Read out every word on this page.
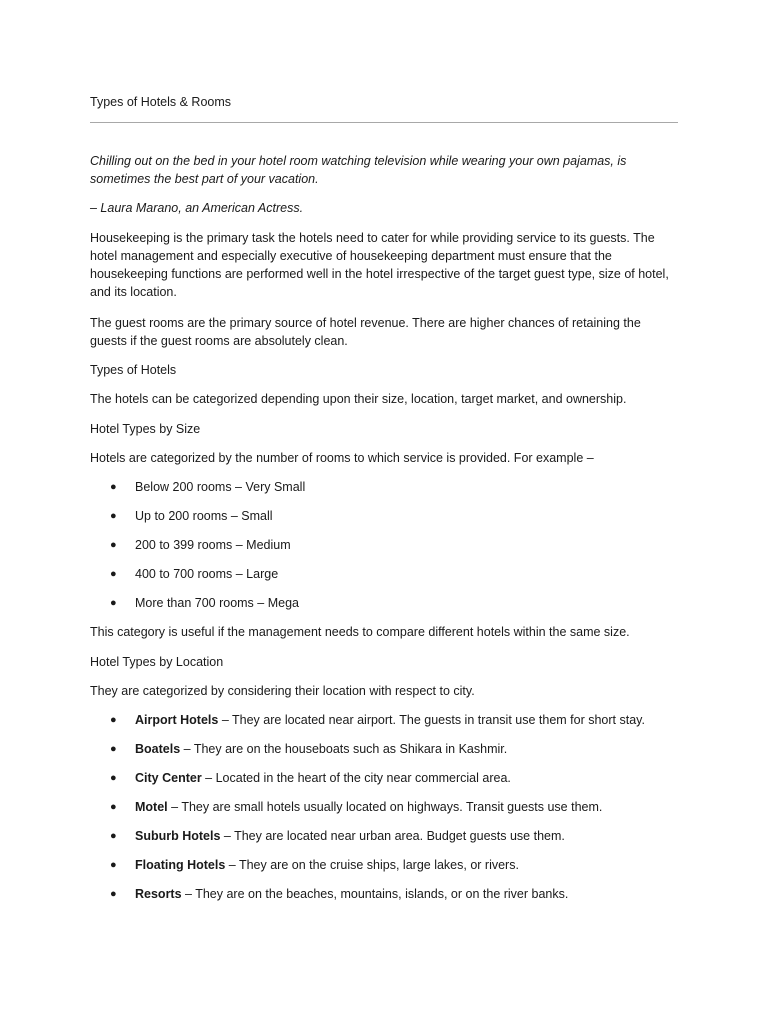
Types of Hotels & Rooms

Chilling out on the bed in your hotel room watching television while wearing your own pajamas, is sometimes the best part of your vacation.

– Laura Marano, an American Actress.

Housekeeping is the primary task the hotels need to cater for while providing service to its guests. The hotel management and especially executive of housekeeping department must ensure that the housekeeping functions are performed well in the hotel irrespective of the target guest type, size of hotel, and its location.

The guest rooms are the primary source of hotel revenue. There are higher chances of retaining the guests if the guest rooms are absolutely clean.

Types of Hotels

The hotels can be categorized depending upon their size, location, target market, and ownership.

Hotel Types by Size

Hotels are categorized by the number of rooms to which service is provided. For example –

● Below 200 rooms – Very Small
● Up to 200 rooms – Small
● 200 to 399 rooms – Medium
● 400 to 700 rooms – Large
● More than 700 rooms – Mega

This category is useful if the management needs to compare different hotels within the same size.

Hotel Types by Location

They are categorized by considering their location with respect to city.

● Airport Hotels – They are located near airport. The guests in transit use them for short stay.
● Boatels – They are on the houseboats such as Shikara in Kashmir.
● City Center – Located in the heart of the city near commercial area.
● Motel – They are small hotels usually located on highways. Transit guests use them.
● Suburb Hotels – They are located near urban area. Budget guests use them.
● Floating Hotels – They are on the cruise ships, large lakes, or rivers.
● Resorts – They are on the beaches, mountains, islands, or on the river banks.
